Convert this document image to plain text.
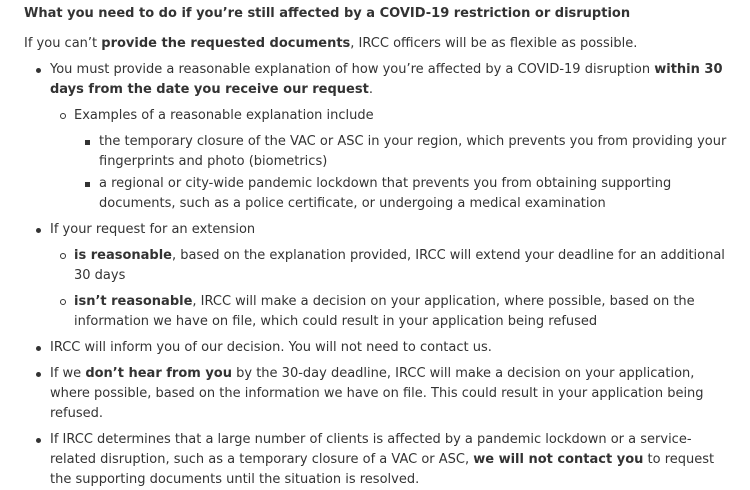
What you need to do if you’re still affected by a COVID-19 restriction or disruption

If you can’t provide the requested documents, IRCC officers will be as flexible as possible.

You must provide a reasonable explanation of how you’re affected by a COVID-19 disruption within 30 days from the date you receive our request.
Examples of a reasonable explanation include
the temporary closure of the VAC or ASC in your region, which prevents you from providing your fingerprints and photo (biometrics)
a regional or city-wide pandemic lockdown that prevents you from obtaining supporting documents, such as a police certificate, or undergoing a medical examination
If your request for an extension
is reasonable, based on the explanation provided, IRCC will extend your deadline for an additional 30 days
isn’t reasonable, IRCC will make a decision on your application, where possible, based on the information we have on file, which could result in your application being refused
IRCC will inform you of our decision. You will not need to contact us.
If we don’t hear from you by the 30-day deadline, IRCC will make a decision on your application, where possible, based on the information we have on file. This could result in your application being refused.
If IRCC determines that a large number of clients is affected by a pandemic lockdown or a service-related disruption, such as a temporary closure of a VAC or ASC, we will not contact you to request the supporting documents until the situation is resolved.
